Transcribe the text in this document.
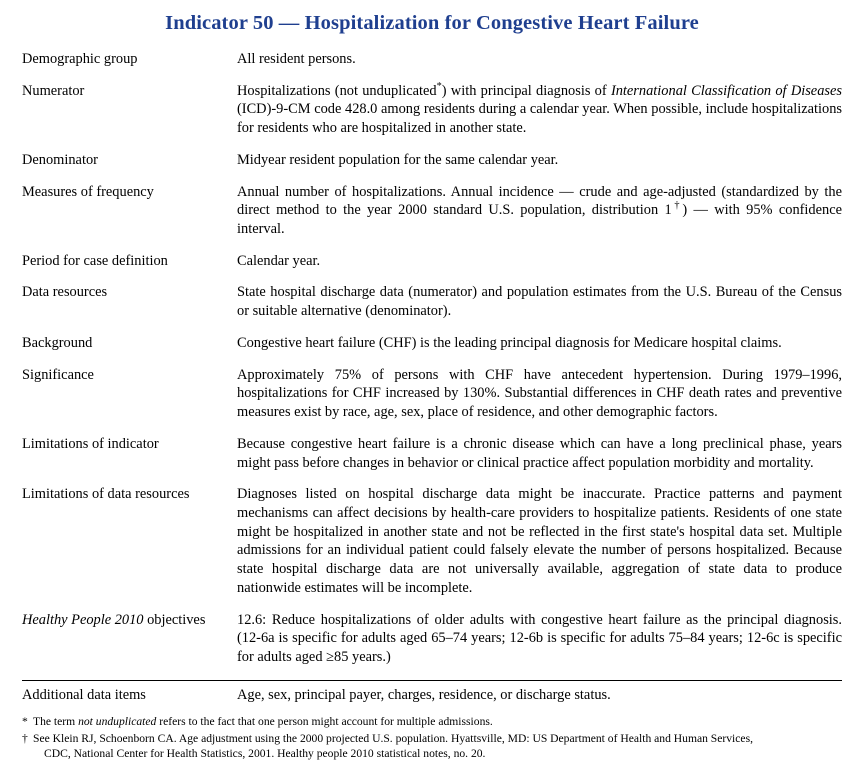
Indicator 50 — Hospitalization for Congestive Heart Failure
Demographic group	All resident persons.
Numerator	Hospitalizations (not unduplicated*) with principal diagnosis of International Classification of Diseases (ICD)-9-CM code 428.0 among residents during a calendar year. When possible, include hospitalizations for residents who are hospitalized in another state.
Denominator	Midyear resident population for the same calendar year.
Measures of frequency	Annual number of hospitalizations. Annual incidence — crude and age-adjusted (standardized by the direct method to the year 2000 standard U.S. population, distribution 1†) — with 95% confidence interval.
Period for case definition	Calendar year.
Data resources	State hospital discharge data (numerator) and population estimates from the U.S. Bureau of the Census or suitable alternative (denominator).
Background	Congestive heart failure (CHF) is the leading principal diagnosis for Medicare hospital claims.
Significance	Approximately 75% of persons with CHF have antecedent hypertension. During 1979–1996, hospitalizations for CHF increased by 130%. Substantial differences in CHF death rates and preventive measures exist by race, age, sex, place of residence, and other demographic factors.
Limitations of indicator	Because congestive heart failure is a chronic disease which can have a long preclinical phase, years might pass before changes in behavior or clinical practice affect population morbidity and mortality.
Limitations of data resources	Diagnoses listed on hospital discharge data might be inaccurate. Practice patterns and payment mechanisms can affect decisions by health-care providers to hospitalize patients. Residents of one state might be hospitalized in another state and not be reflected in the first state's hospital data set. Multiple admissions for an individual patient could falsely elevate the number of persons hospitalized. Because state hospital discharge data are not universally available, aggregation of state data to produce nationwide estimates will be incomplete.
Healthy People 2010 objectives	12.6: Reduce hospitalizations of older adults with congestive heart failure as the principal diagnosis. (12-6a is specific for adults aged 65–74 years; 12-6b is specific for adults 75–84 years; 12-6c is specific for adults aged ≥85 years.)
Additional data items	Age, sex, principal payer, charges, residence, or discharge status.
* The term not unduplicated refers to the fact that one person might account for multiple admissions.
† See Klein RJ, Schoenborn CA. Age adjustment using the 2000 projected U.S. population. Hyattsville, MD: US Department of Health and Human Services,
CDC, National Center for Health Statistics, 2001. Healthy people 2010 statistical notes, no. 20.
